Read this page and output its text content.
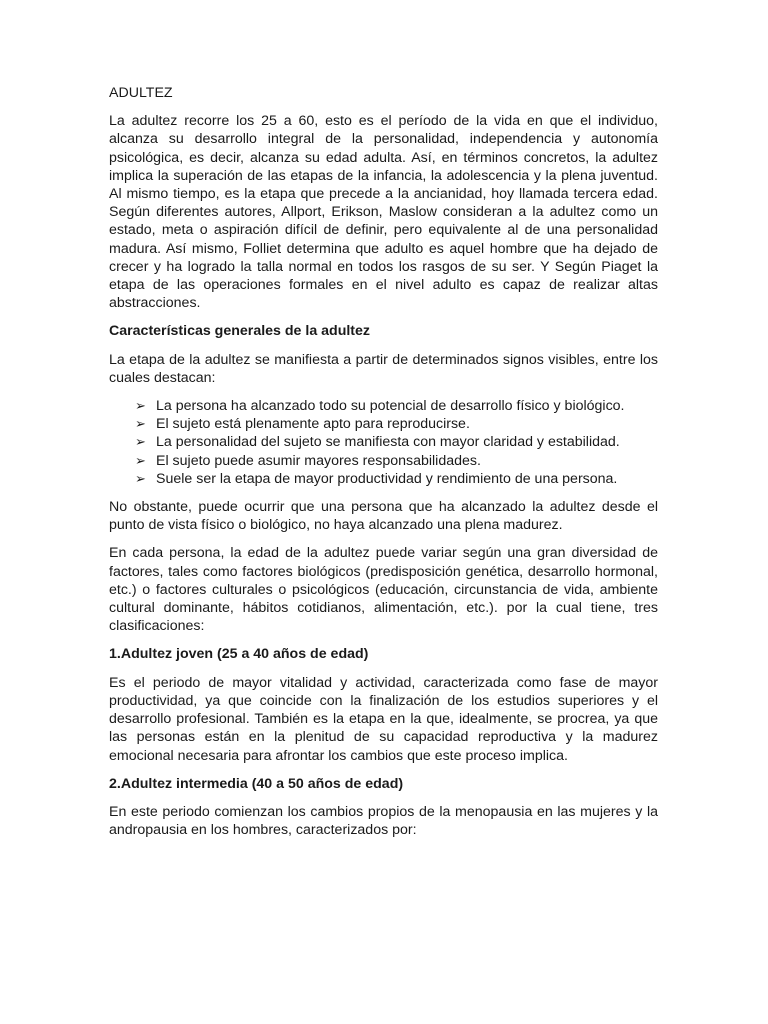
ADULTEZ

La adultez recorre los 25 a 60, esto es el período de la vida en que el individuo, alcanza su desarrollo integral de la personalidad, independencia y autonomía psicológica, es decir, alcanza su edad adulta. Así, en términos concretos, la adultez implica la superación de las etapas de la infancia, la adolescencia y la plena juventud. Al mismo tiempo, es la etapa que precede a la ancianidad, hoy llamada tercera edad. Según diferentes autores, Allport, Erikson, Maslow consideran a la adultez como un estado, meta o aspiración difícil de definir, pero equivalente al de una personalidad madura. Así mismo, Folliet determina que adulto es aquel hombre que ha dejado de crecer y ha logrado la talla normal en todos los rasgos de su ser. Y Según Piaget la etapa de las operaciones formales en el nivel adulto es capaz de realizar altas abstracciones.

Características generales de la adultez

La etapa de la adultez se manifiesta a partir de determinados signos visibles, entre los cuales destacan:

➢ La persona ha alcanzado todo su potencial de desarrollo físico y biológico.
➢ El sujeto está plenamente apto para reproducirse.
➢ La personalidad del sujeto se manifiesta con mayor claridad y estabilidad.
➢ El sujeto puede asumir mayores responsabilidades.
➢ Suele ser la etapa de mayor productividad y rendimiento de una persona.

No obstante, puede ocurrir que una persona que ha alcanzado la adultez desde el punto de vista físico o biológico, no haya alcanzado una plena madurez.

En cada persona, la edad de la adultez puede variar según una gran diversidad de factores, tales como factores biológicos (predisposición genética, desarrollo hormonal, etc.) o factores culturales o psicológicos (educación, circunstancia de vida, ambiente cultural dominante, hábitos cotidianos, alimentación, etc.). por la cual tiene, tres clasificaciones:

1.Adultez joven (25 a 40 años de edad)

Es el periodo de mayor vitalidad y actividad, caracterizada como fase de mayor productividad, ya que coincide con la finalización de los estudios superiores y el desarrollo profesional. También es la etapa en la que, idealmente, se procrea, ya que las personas están en la plenitud de su capacidad reproductiva y la madurez emocional necesaria para afrontar los cambios que este proceso implica.

2.Adultez intermedia (40 a 50 años de edad)

En este periodo comienzan los cambios propios de la menopausia en las mujeres y la andropausia en los hombres, caracterizados por:
